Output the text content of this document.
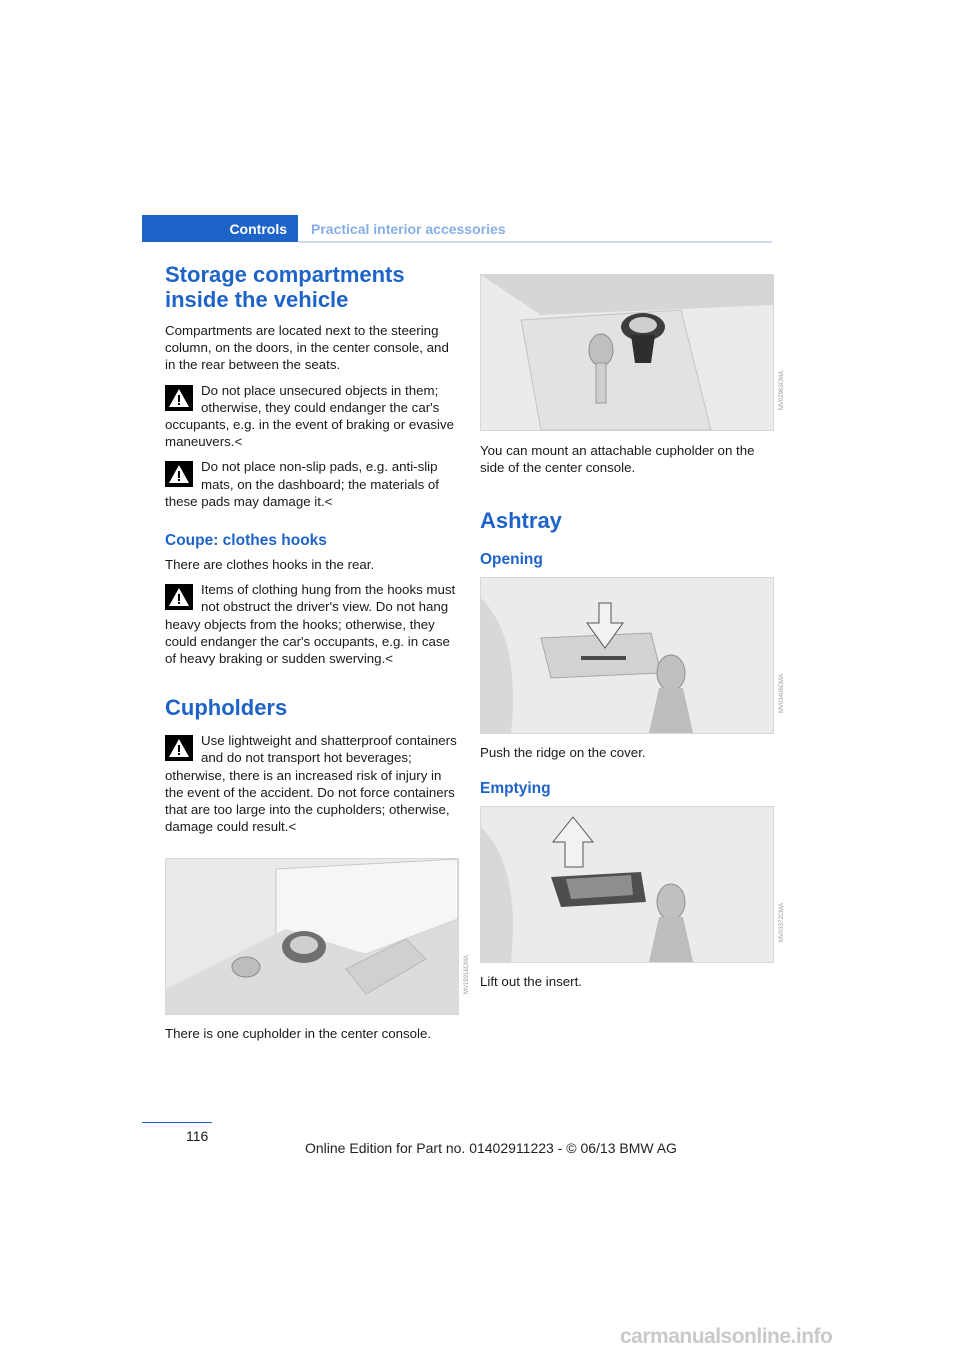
Controls	Practical interior accessories
Storage compartments inside the vehicle

Compartments are located next to the steering column, on the doors, in the center console, and in the rear between the seats.

Do not place unsecured objects in them; otherwise, they could endanger the car's occupants, e.g. in the event of braking or evasive maneuvers.<

Do not place non-slip pads, e.g. anti-slip mats, on the dashboard; the materials of these pads may damage it.<

Coupe: clothes hooks

There are clothes hooks in the rear.

Items of clothing hung from the hooks must not obstruct the driver's view. Do not hang heavy objects from the hooks; otherwise, they could endanger the car's occupants, e.g. in case of heavy braking or sudden swerving.<

Cupholders

Use lightweight and shatterproof containers and do not transport hot beverages; otherwise, there is an increased risk of injury in the event of the accident. Do not force containers that are too large into the cupholders; otherwise, damage could result.<

MV19916CMA

There is one cupholder in the center console.

MV02963CMA

You can mount an attachable cupholder on the side of the center console.

Ashtray
Opening
MV03406CMA

Push the ridge on the cover.

Emptying
MV03372CMA

Lift out the insert.

116
Online Edition for Part no. 01402911223 - © 06/13 BMW AG
carmanualsonline.info
